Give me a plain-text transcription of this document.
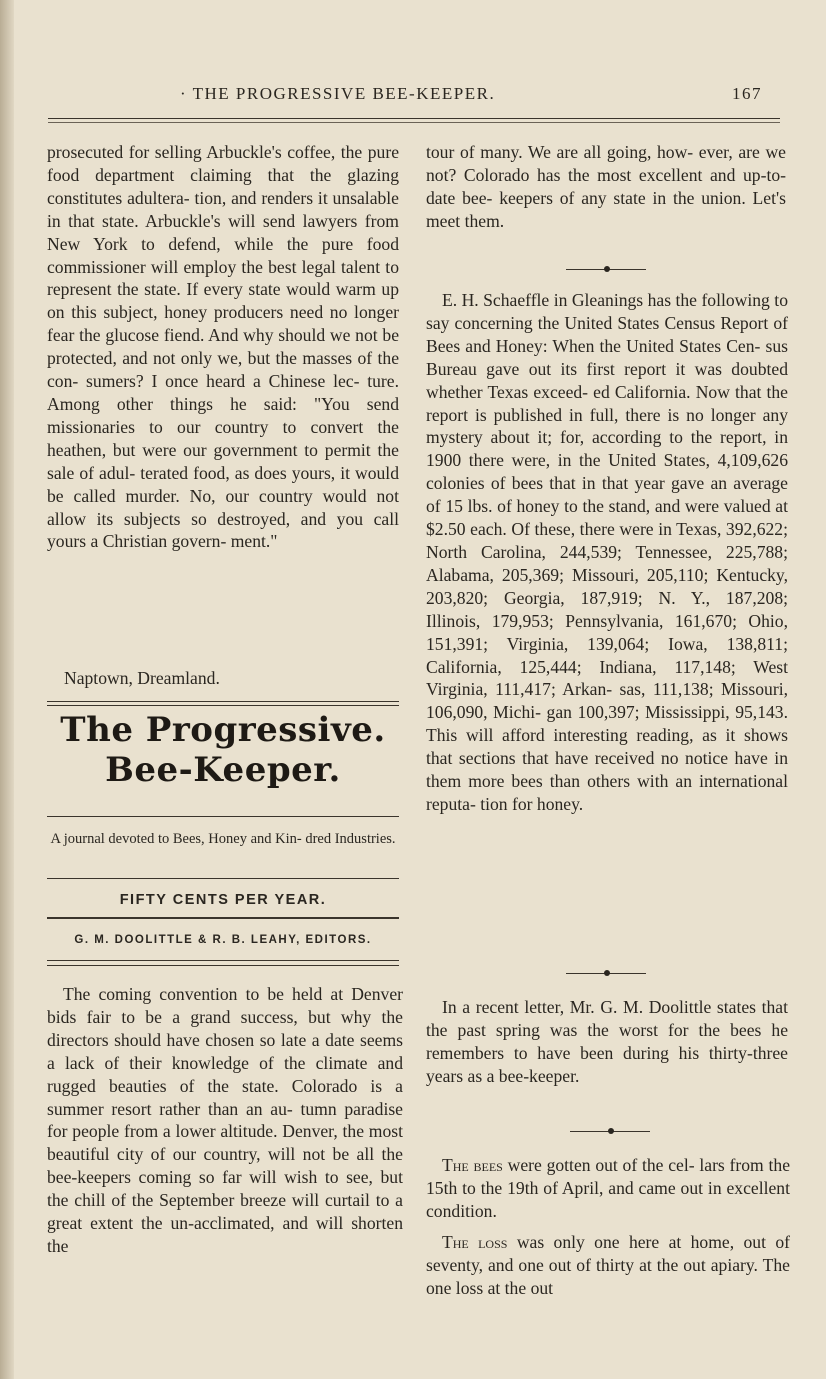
· THE PROGRESSIVE BEE-KEEPER.	167

prosecuted for selling Arbuckle's coffee, the pure food department claiming that the glazing constitutes adultera- tion, and renders it unsalable in that state. Arbuckle's will send lawyers from New York to defend, while the pure food commissioner will employ the best legal talent to represent the state. If every state would warm up on this subject, honey producers need no longer fear the glucose fiend. And why should we not be protected, and not only we, but the masses of the con- sumers? I once heard a Chinese lec- ture. Among other things he said: "You send missionaries to our country to convert the heathen, but were our government to permit the sale of adul- terated food, as does yours, it would be called murder. No, our country would not allow its subjects so destroyed, and you call yours a Christian govern- ment."

Naptown, Dreamland.
The Progressive.
Bee-Keeper.
A journal devoted to Bees, Honey and Kin- dred Industries.
FIFTY CENTS PER YEAR.
G. M. DOOLITTLE & R. B. LEAHY, EDITORS.

The coming convention to be held at Denver bids fair to be a grand success, but why the directors should have chosen so late a date seems a lack of their knowledge of the climate and rugged beauties of the state. Colorado is a summer resort rather than an au- tumn paradise for people from a lower altitude. Denver, the most beautiful city of our country, will not be all the bee-keepers coming so far will wish to see, but the chill of the September breeze will curtail to a great extent the un-acclimated, and will shorten the

tour of many. We are all going, how- ever, are we not? Colorado has the most excellent and up-to-date bee- keepers of any state in the union. Let's meet them.

E. H. Schaeffle in Gleanings has the following to say concerning the United States Census Report of Bees and Honey: When the United States Cen- sus Bureau gave out its first report it was doubted whether Texas exceed- ed California. Now that the report is published in full, there is no longer any mystery about it; for, according to the report, in 1900 there were, in the United States, 4,109,626 colonies of bees that in that year gave an average of 15 lbs. of honey to the stand, and were valued at $2.50 each. Of these, there were in Texas, 392,622; North Carolina, 244,539; Tennessee, 225,788; Alabama, 205,369; Missouri, 205,110; Kentucky, 203,820; Georgia, 187,919; N. Y., 187,208; Illinois, 179,953; Pennsylvania, 161,670; Ohio, 151,391; Virginia, 139,064; Iowa, 138,811; California, 125,444; Indiana, 117,148; West Virginia, 111,417; Arkan- sas, 111,138; Missouri, 106,090, Michi- gan 100,397; Mississippi, 95,143. This will afford interesting reading, as it shows that sections that have received no notice have in them more bees than others with an international reputa- tion for honey.

In a recent letter, Mr. G. M. Doolittle states that the past spring was the worst for the bees he remembers to have been during his thirty-three years as a bee-keeper.

The bees were gotten out of the cel- lars from the 15th to the 19th of April, and came out in excellent condition.

The loss was only one here at home, out of seventy, and one out of thirty at the out apiary. The one loss at the out
